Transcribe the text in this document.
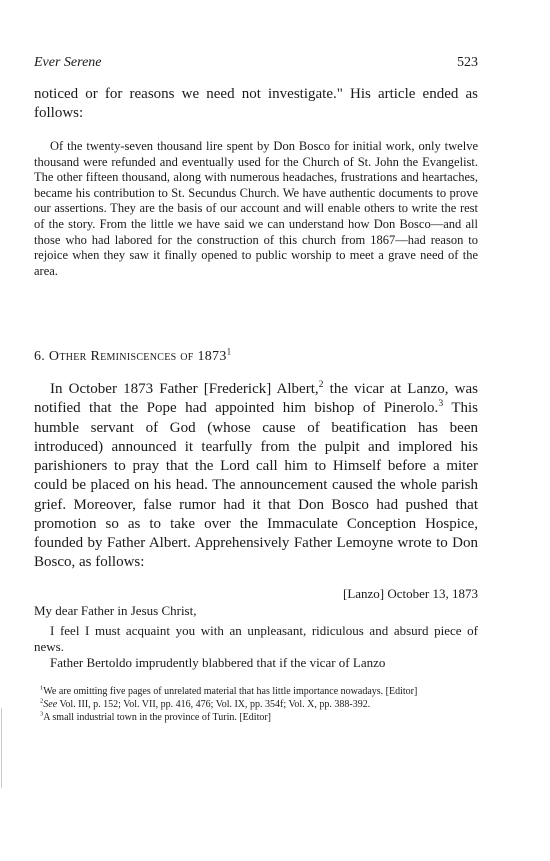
Ever Serene	523

noticed or for reasons we need not investigate." His article ended as follows:

Of the twenty-seven thousand lire spent by Don Bosco for initial work, only twelve thousand were refunded and eventually used for the Church of St. John the Evangelist. The other fifteen thousand, along with numerous headaches, frustrations and heartaches, became his contribution to St. Secundus Church. We have authentic documents to prove our assertions. They are the basis of our account and will enable others to write the rest of the story. From the little we have said we can understand how Don Bosco—and all those who had labored for the construction of this church from 1867—had reason to rejoice when they saw it finally opened to public worship to meet a grave need of the area.

6. Other Reminiscences of 1873$^1$

In October 1873 Father [Frederick] Albert,$^2$ the vicar at Lanzo, was notified that the Pope had appointed him bishop of Pinerolo.$^3$ This humble servant of God (whose cause of beatification has been introduced) announced it tearfully from the pulpit and implored his parishioners to pray that the Lord call him to Himself before a miter could be placed on his head. The announcement caused the whole parish grief. Moreover, false rumor had it that Don Bosco had pushed that promotion so as to take over the Immaculate Conception Hospice, founded by Father Albert. Apprehensively Father Lemoyne wrote to Don Bosco, as follows:

[Lanzo] October 13, 1873

My dear Father in Jesus Christ,

I feel I must acquaint you with an unpleasant, ridiculous and absurd piece of news.

Father Bertoldo imprudently blabbered that if the vicar of Lanzo

$^1$We are omitting five pages of unrelated material that has little importance nowadays. [Editor]

$^2$See Vol. III, p. 152; Vol. VII, pp. 416, 476; Vol. IX, pp. 354f; Vol. X, pp. 388-392.

$^3$A small industrial town in the province of Turin. [Editor]
